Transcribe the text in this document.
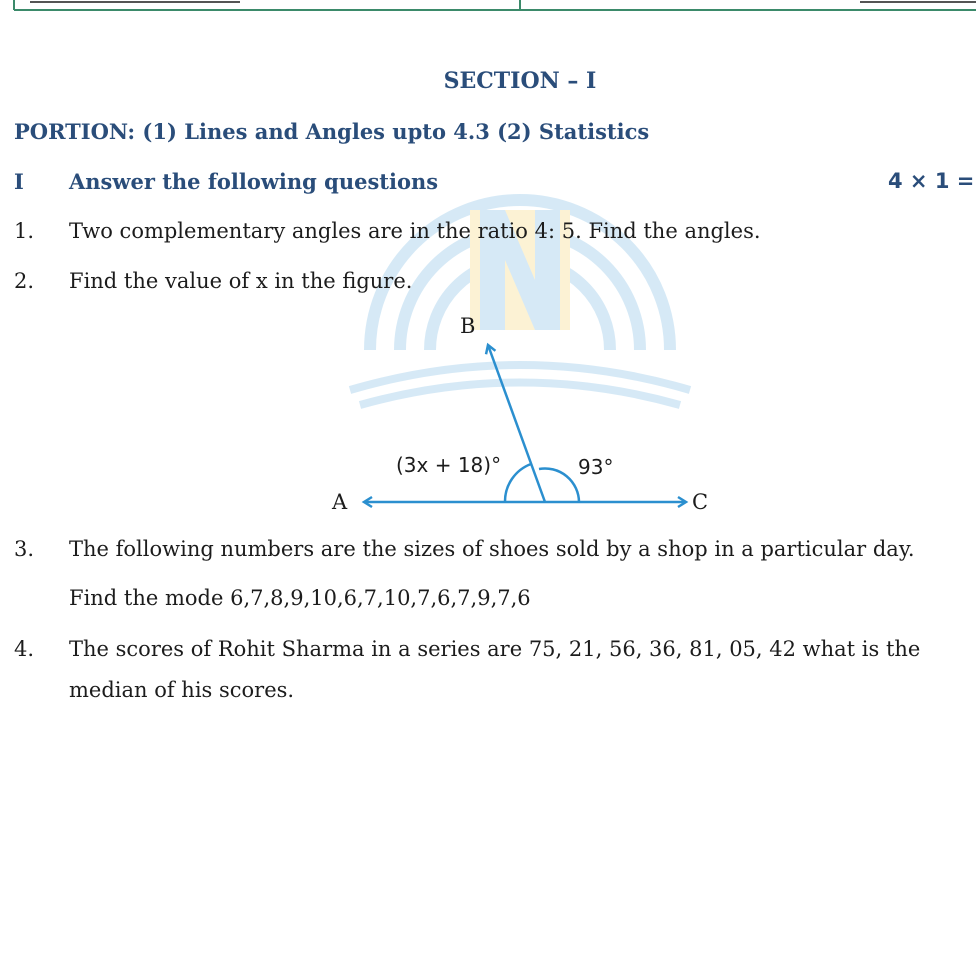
SECTION – I
PORTION: (1) Lines and Angles upto 4.3 (2) Statistics
I Answer the following questions	4 × 1 =
1. Two complementary angles are in the ratio 4: 5. Find the angles.
2. Find the value of x in the figure.
B
A	C
(3x + 18)°	93°
3. The following numbers are the sizes of shoes sold by a shop in a particular day.
Find the mode 6,7,8,9,10,6,7,10,7,6,7,9,7,6
4. The scores of Rohit Sharma in a series are 75, 21, 56, 36, 81, 05, 42 what is the
median of his scores.
